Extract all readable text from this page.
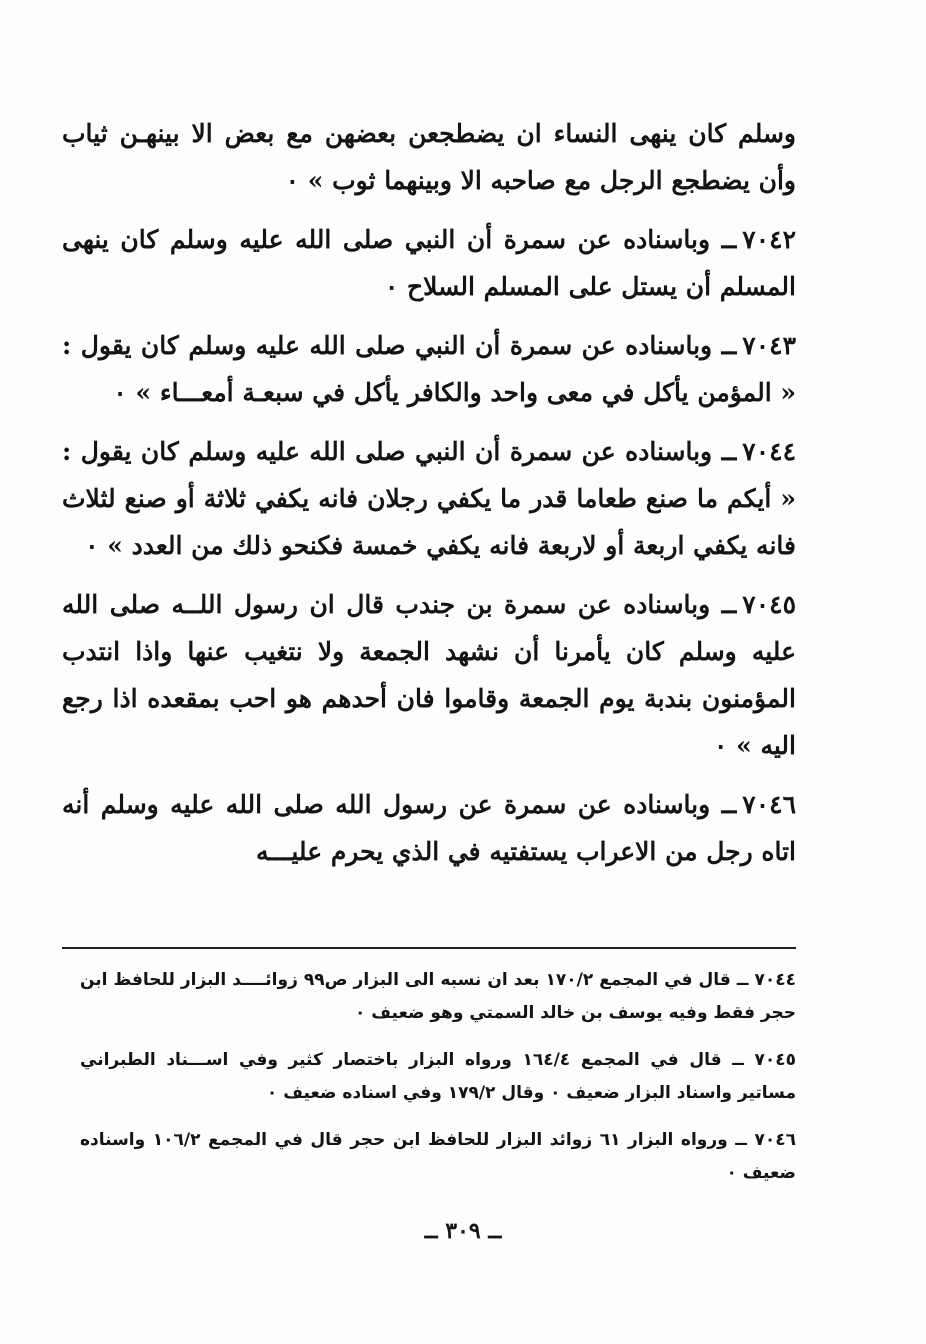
وسلم كان ينهى النساء ان يضطجعن بعضهن مع بعض الا بينهـن ثياب وأن يضطجع الرجل مع صاحبه الا وبينهما ثوب » ٠

٧٠٤٢ــ وباسناده عن سمرة أن النبي صلى الله عليه وسلم كان ينهى المسلم أن يستل على المسلم السلاح ٠

٧٠٤٣ــ وباسناده عن سمرة أن النبي صلى الله عليه وسلم كان يقول : « المؤمن يأكل في معى واحد والكافر يأكل في سبعـة أمعـــاء » ٠

٧٠٤٤ــ وباسناده عن سمرة أن النبي صلى الله عليه وسلم كان يقول : « أيكم ما صنع طعاما قدر ما يكفي رجلان فانه يكفي ثلاثة أو صنع لثلاث فانه يكفي اربعة أو لاربعة فانه يكفي خمسة فكنحو ذلك من العدد » ٠

٧٠٤٥ــ وباسناده عن سمرة بن جندب قال ان رسول اللــه صلى الله عليه وسلم كان يأمرنا أن نشهد الجمعة ولا نتغيب عنها واذا انتدب المؤمنون بندبة يوم الجمعة وقاموا فان أحدهم هو احب بمقعده اذا رجع اليه » ٠

٧٠٤٦ــ وباسناده عن سمرة عن رسول الله صلى الله عليه وسلم أنه اتاه رجل من الاعراب يستفتيه في الذي يحرم عليـــه

٧٠٤٤ ــ قال في المجمع ١٧٠/٢ بعد ان نسبه الى البزار ص٩٩ زوائــــد البزار للحافظ ابن حجر فقط وفيه يوسف بن خالد السمتي وهو ضعيف ٠

٧٠٤٥ ــ قال في المجمع ١٦٤/٤ ورواه البزار باختصار كثير وفي اســـناد الطبراني مساتير واسناد البزار ضعيف ٠ وقال ١٧٩/٢ وفي اسناده ضعيف ٠

٧٠٤٦ ــ ورواه البزار ٦١ زوائد البزار للحافظ ابن حجر قال في المجمع ١٠٦/٢ واسناده ضعيف ٠

ــ ٣٠٩ ــ
